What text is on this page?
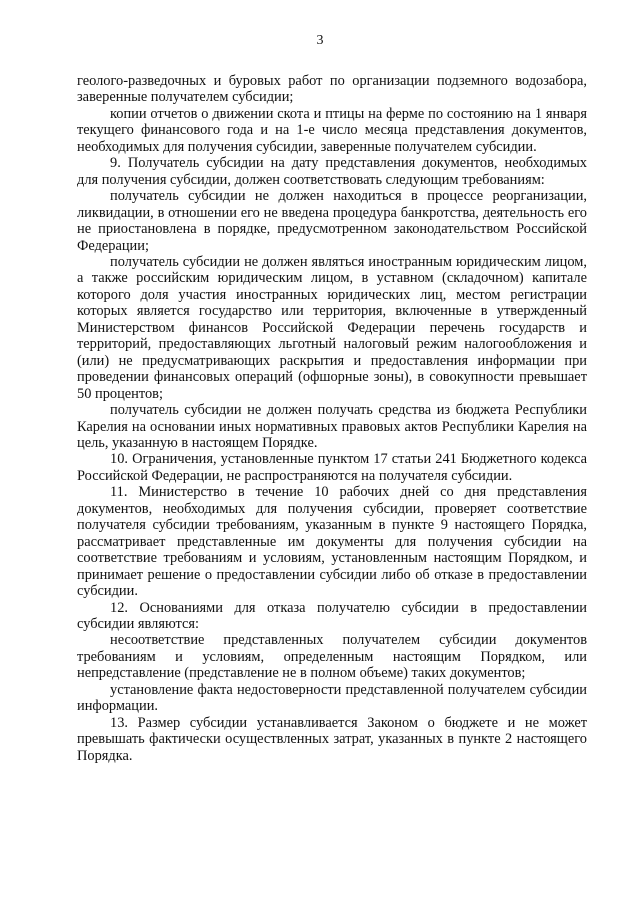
3

геолого-разведочных и буровых работ по организации подземного водозабора, заверенные получателем субсидии;

копии отчетов о движении скота и птицы на ферме по состоянию на 1 января текущего финансового года и на 1-е число месяца представления документов, необходимых для получения субсидии, заверенные получателем субсидии.

9. Получатель субсидии на дату представления документов, необходимых для получения субсидии, должен соответствовать следующим требованиям:

получатель субсидии не должен находиться в процессе реорганизации, ликвидации, в отношении его не введена процедура банкротства, деятельность его не приостановлена в порядке, предусмотренном законодательством Российской Федерации;

получатель субсидии не должен являться иностранным юридическим лицом, а также российским юридическим лицом, в уставном (складочном) капитале которого доля участия иностранных юридических лиц, местом регистрации которых является государство или территория, включенные в утвержденный Министерством финансов Российской Федерации перечень государств и территорий, предоставляющих льготный налоговый режим налогообложения и (или) не предусматривающих раскрытия и предоставления информации при проведении финансовых операций (офшорные зоны), в совокупности превышает 50 процентов;

получатель субсидии не должен получать средства из бюджета Республики Карелия на основании иных нормативных правовых актов Республики Карелия на цель, указанную в настоящем Порядке.

10. Ограничения, установленные пунктом 17 статьи 241 Бюджетного кодекса Российской Федерации, не распространяются на получателя субсидии.

11. Министерство в течение 10 рабочих дней со дня представления документов, необходимых для получения субсидии, проверяет соответствие получателя субсидии требованиям, указанным в пункте 9 настоящего Порядка, рассматривает представленные им документы для получения субсидии на соответствие требованиям и условиям, установленным настоящим Порядком, и принимает решение о предоставлении субсидии либо об отказе в предоставлении субсидии.

12. Основаниями для отказа получателю субсидии в предоставлении субсидии являются:

несоответствие представленных получателем субсидии документов требованиям и условиям, определенным настоящим Порядком, или непредставление (представление не в полном объеме) таких документов;

установление факта недостоверности представленной получателем субсидии информации.

13. Размер субсидии устанавливается Законом о бюджете и не может превышать фактически осуществленных затрат, указанных в пункте 2 настоящего Порядка.
